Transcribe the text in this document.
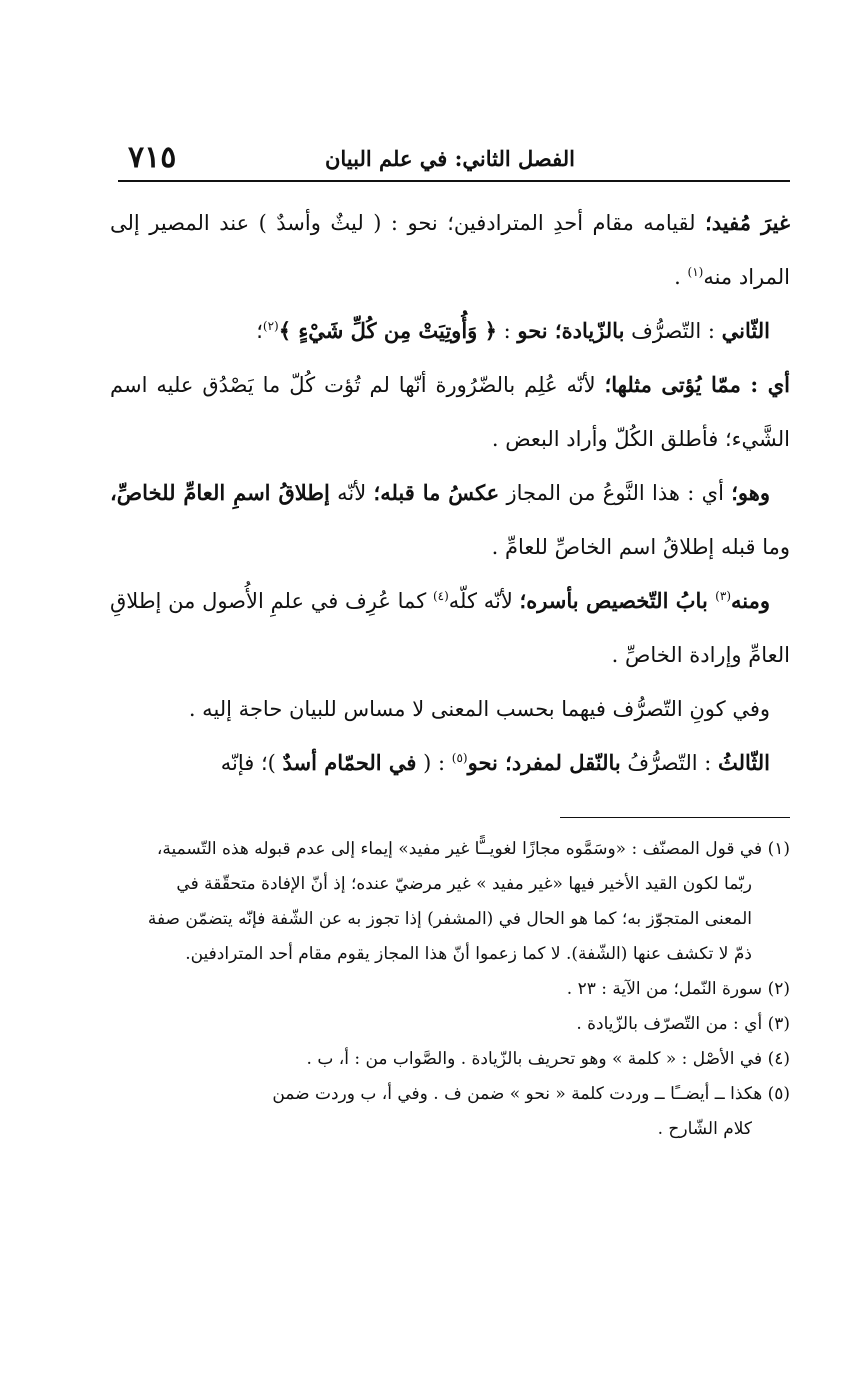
الفصل الثاني: في علم البيان
٧١٥

غيرَ مُفيد؛ لقيامه مقام أحدِ المترادفين؛ نحو : ( ليثٌ وأسدٌ ) عند المصير إلى المراد منه$^{(١)}$ .

الثّاني : التّصرُّف بالزّيادة؛ نحو : ﴿ وَأُوتِيَتْ مِن كُلِّ شَيْءٍ ﴾$^{(٢)}$؛

أي : ممّا يُؤتى مثلها؛ لأنّه عُلِم بالضّرُورة أنّها لم تُؤت كُلّ ما يَصْدُق عليه اسم الشَّيء؛ فأطلق الكُلّ وأراد البعض .

وهو؛ أي : هذا النَّوعُ من المجاز عكسُ ما قبله؛ لأنّه إطلاقُ اسمِ العامِّ للخاصِّ، وما قبله إطلاقُ اسم الخاصِّ للعامِّ .

ومنه$^{(٣)}$ بابُ التّخصيص بأسره؛ لأنّه كلّه$^{(٤)}$ كما عُرِف في علمِ الأُصول من إطلاقِ العامِّ وإرادة الخاصِّ .

وفي كونِ التّصرُّف فيهما بحسب المعنى لا مساس للبيان حاجة إليه .

الثّالثُ : التّصرُّفُ بالنّقل لمفرد؛ نحو$^{(٥)}$ : ( في الحمّام أسدٌ )؛ فإنّه

(١) في قول المصنّف : «وسَمَّوه مجازًا لغويــًّا غير مفيد» إيماء إلى عدم قبوله هذه التّسمية،

ربّما لكون القيد الأخير فيها «غير مفيد » غير مرضيّ عنده؛ إذ أنّ الإفادة متحقّقة في

المعنى المتجوّز به؛ كما هو الحال في (المشفر) إذا تجوز به عن الشّفة فإنّه يتضمّن صفة

ذمّ لا تكشف عنها (الشّفة). لا كما زعموا أنّ هذا المجاز يقوم مقام أحد المترادفين.

(٢) سورة النّمل؛ من الآية : ٢٣ .

(٣) أي : من التّصرّف بالزّيادة .

(٤) في الأصْل : « كلمة » وهو تحريف بالزّيادة . والصَّواب من : أ، ب .

(٥) هكذا ــ أيضــًا ــ وردت كلمة « نحو » ضمن ف . وفي أ، ب وردت ضمن

كلام الشّارح .
